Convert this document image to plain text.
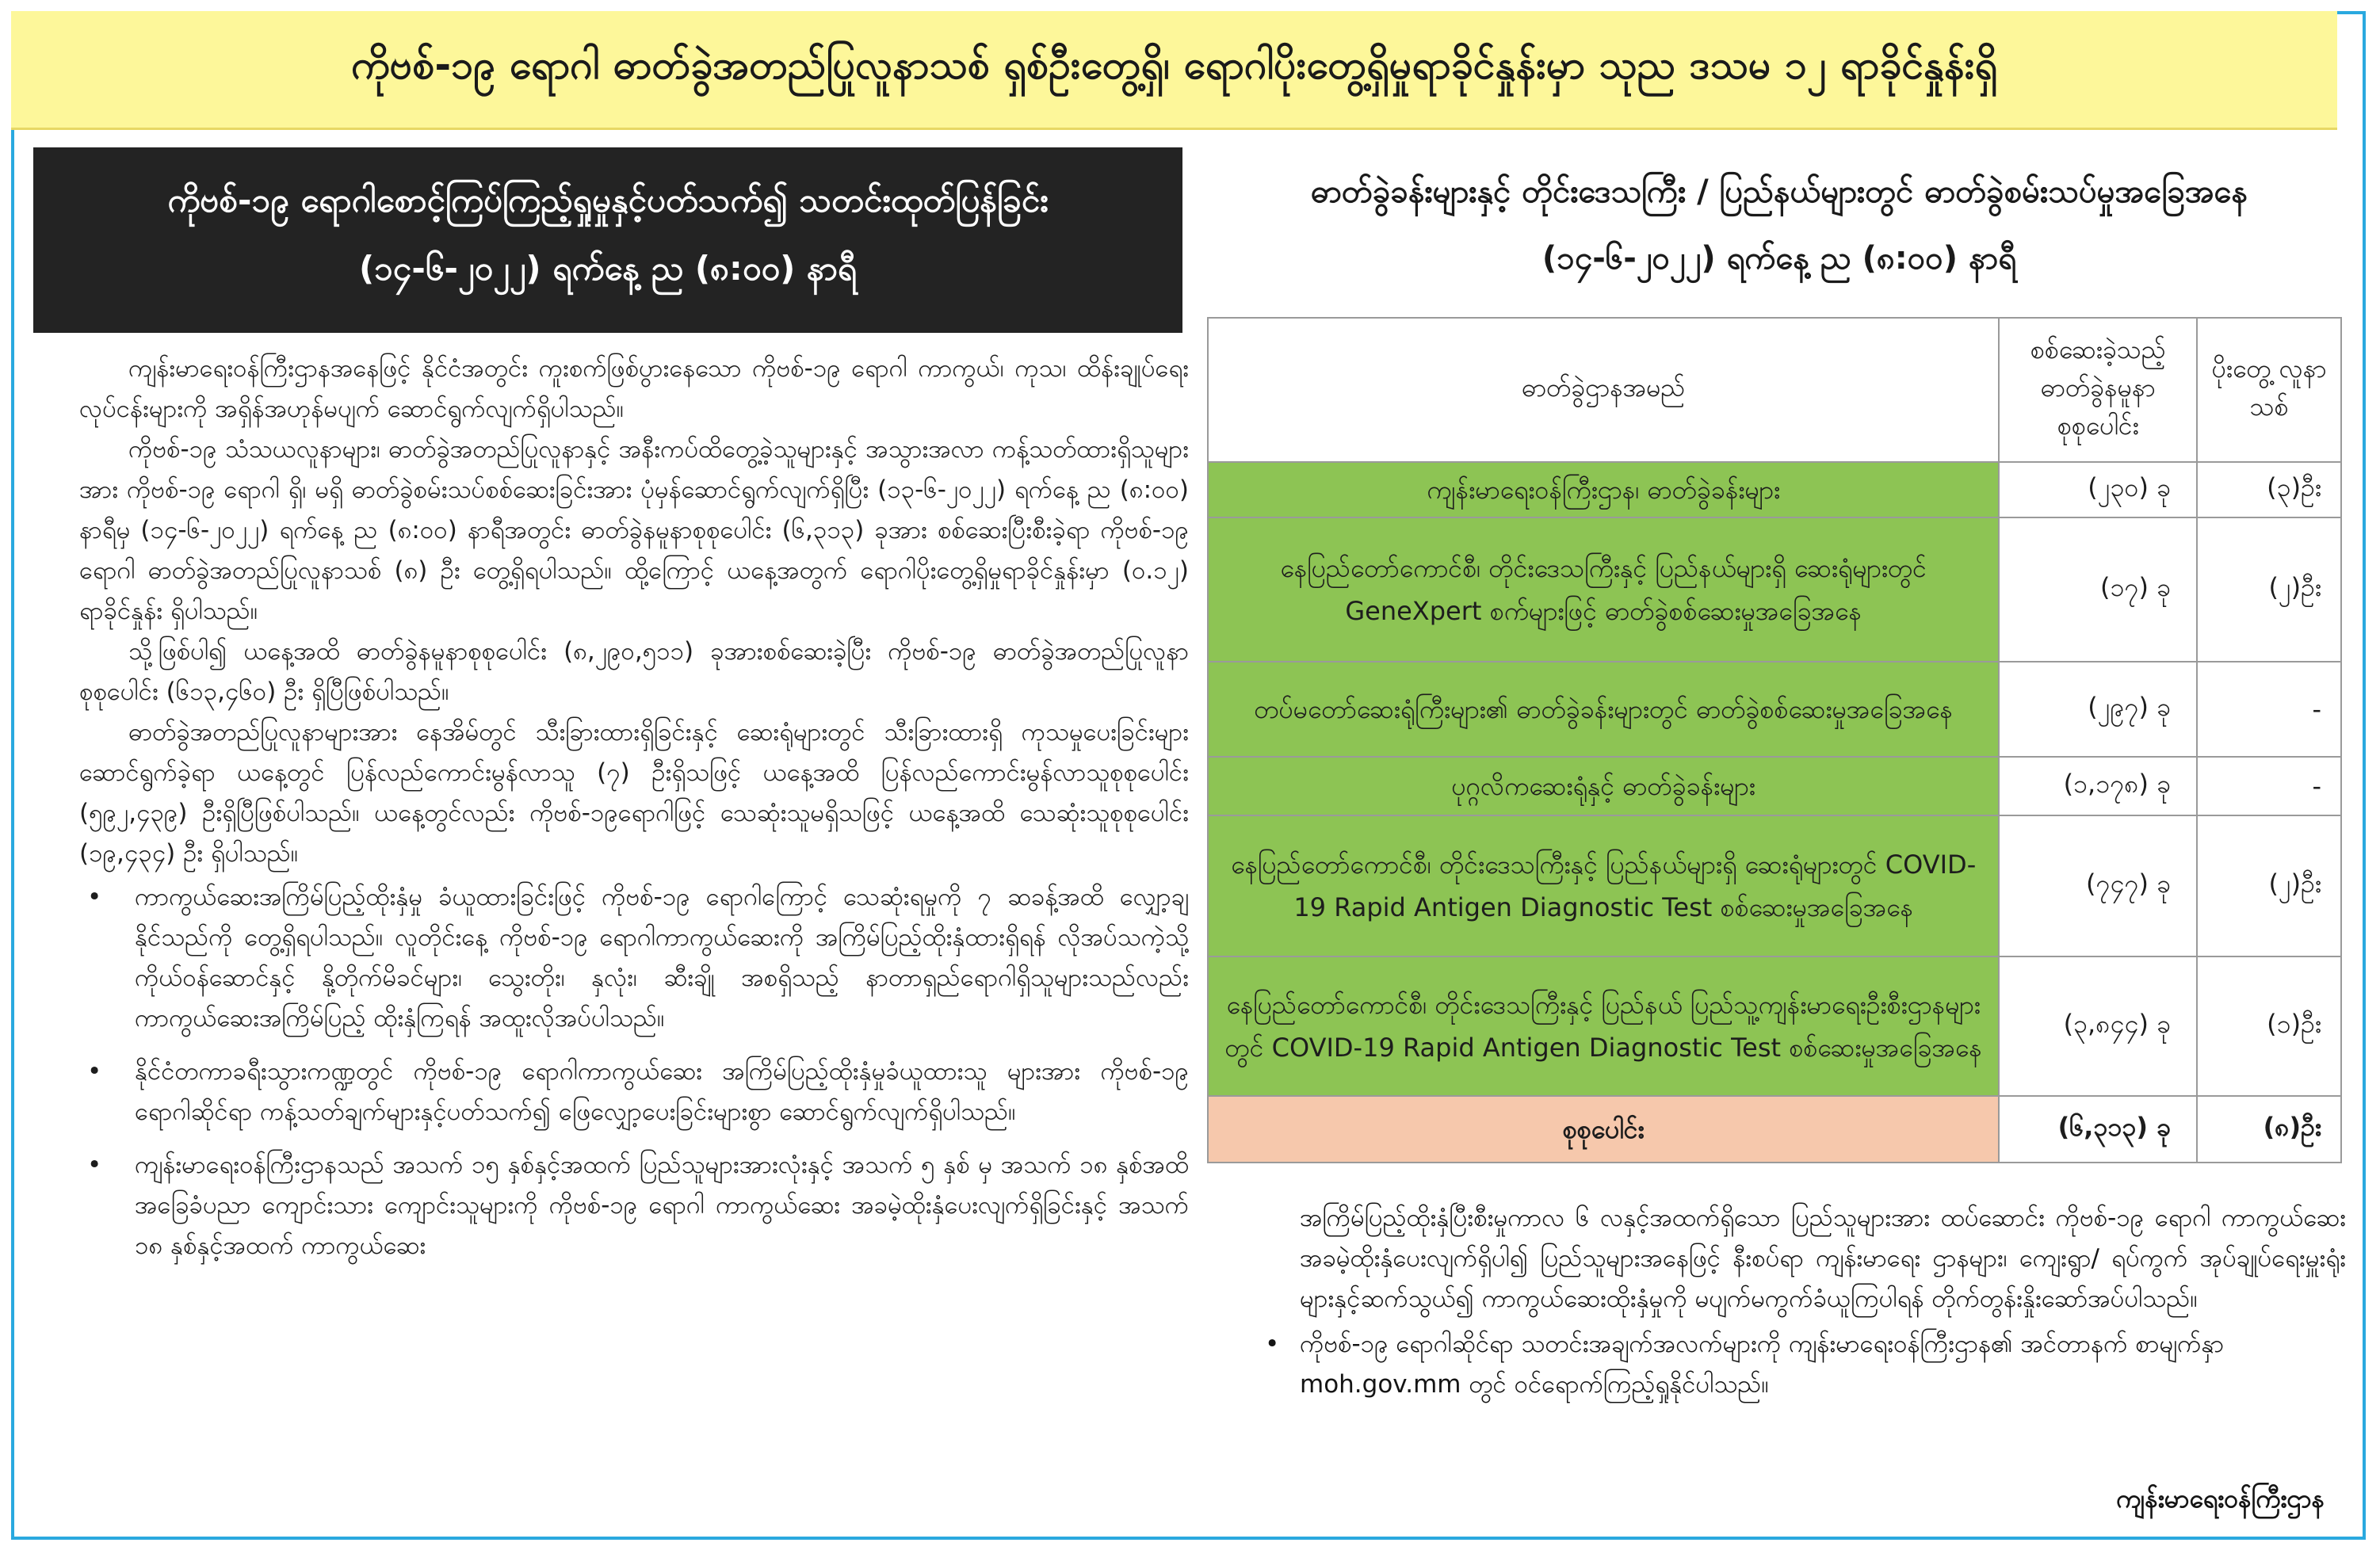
ကိုဗစ်-၁၉ ရောဂါ ဓာတ်ခွဲအတည်ပြုလူနာသစ် ရှစ်ဦးတွေ့ရှိ၊ ရောဂါပိုးတွေ့ရှိမှုရာခိုင်နှုန်းမှာ သုည ဒသမ ၁၂ ရာခိုင်နှုန်းရှိ
ကိုဗစ်-၁၉ ရောဂါစောင့်ကြပ်ကြည့်ရှုမှုနှင့်ပတ်သက်၍ သတင်းထုတ်ပြန်ခြင်း
(၁၄-၆-၂၀၂၂) ရက်နေ့ ည (၈:၀၀) နာရီ

ကျန်းမာရေးဝန်ကြီးဌာနအနေဖြင့် နိုင်ငံအတွင်း ကူးစက်ဖြစ်ပွားနေသော ကိုဗစ်-၁၉ ရောဂါ ကာကွယ်၊ ကုသ၊ ထိန်းချုပ်ရေးလုပ်ငန်းများကို အရှိန်အဟုန်မပျက် ဆောင်ရွက်လျက်ရှိပါသည်။

ကိုဗစ်-၁၉ သံသယလူနာများ၊ ဓာတ်ခွဲအတည်ပြုလူနာနှင့် အနီးကပ်ထိတွေ့ခဲ့သူများနှင့် အသွားအလာ ကန့်သတ်ထားရှိသူများအား ကိုဗစ်-၁၉ ရောဂါ ရှိ၊ မရှိ ဓာတ်ခွဲစမ်းသပ်စစ်ဆေးခြင်းအား ပုံမှန်ဆောင်ရွက်လျက်ရှိပြီး (၁၃-၆-၂၀၂၂) ရက်နေ့ ည (၈:၀၀) နာရီမှ (၁၄-၆-၂၀၂၂) ရက်နေ့ ည (၈:၀၀) နာရီအတွင်း ဓာတ်ခွဲနမူနာစုစုပေါင်း (၆,၃၁၃) ခုအား စစ်ဆေးပြီးစီးခဲ့ရာ ကိုဗစ်-၁၉ ရောဂါ ဓာတ်ခွဲအတည်ပြုလူနာသစ် (၈) ဦး တွေ့ရှိရပါသည်။ ထို့ကြောင့် ယနေ့အတွက် ရောဂါပိုးတွေ့ရှိမှုရာခိုင်နှုန်းမှာ (၀.၁၂) ရာခိုင်နှုန်း ရှိပါသည်။

သို့ဖြစ်ပါ၍ ယနေ့အထိ ဓာတ်ခွဲနမူနာစုစုပေါင်း (၈,၂၉၀,၅၁၁) ခုအားစစ်ဆေးခဲ့ပြီး ကိုဗစ်-၁၉ ဓာတ်ခွဲအတည်ပြုလူနာစုစုပေါင်း (၆၁၃,၄၆၀) ဦး ရှိပြီဖြစ်ပါသည်။

ဓာတ်ခွဲအတည်ပြုလူနာများအား နေအိမ်တွင် သီးခြားထားရှိခြင်းနှင့် ဆေးရုံများတွင် သီးခြားထားရှိ ကုသမှုပေးခြင်းများ ဆောင်ရွက်ခဲ့ရာ ယနေ့တွင် ပြန်လည်ကောင်းမွန်လာသူ (၇) ဦးရှိသဖြင့် ယနေ့အထိ ပြန်လည်ကောင်းမွန်လာသူစုစုပေါင်း (၅၉၂,၄၃၉) ဦးရှိပြီဖြစ်ပါသည်။ ယနေ့တွင်လည်း ကိုဗစ်-၁၉ရောဂါဖြင့် သေဆုံးသူမရှိသဖြင့် ယနေ့အထိ သေဆုံးသူစုစုပေါင်း (၁၉,၄၃၄) ဦး ရှိပါသည်။

• ကာကွယ်ဆေးအကြိမ်ပြည့်ထိုးနှံမှု ခံယူထားခြင်းဖြင့် ကိုဗစ်-၁၉ ရောဂါကြောင့် သေဆုံးရမှုကို ၇ ဆခန့်အထိ လျှော့ချနိုင်သည်ကို တွေ့ရှိရပါသည်။ လူတိုင်းနေ့ ကိုဗစ်-၁၉ ရောဂါကာကွယ်ဆေးကို အကြိမ်ပြည့်ထိုးနှံထားရှိရန် လိုအပ်သကဲ့သို့ ကိုယ်ဝန်ဆောင်နှင့် နို့တိုက်မိခင်များ၊ သွေးတိုး၊ နှလုံး၊ ဆီးချို အစရှိသည့် နာတာရှည်ရောဂါရှိသူများသည်လည်း ကာကွယ်ဆေးအကြိမ်ပြည့် ထိုးနှံကြရန် အထူးလိုအပ်ပါသည်။
• နိုင်ငံတကာခရီးသွားကဏ္ဍတွင် ကိုဗစ်-၁၉ ရောဂါကာကွယ်ဆေး အကြိမ်ပြည့်ထိုးနှံမှုခံယူထားသူ များအား ကိုဗစ်-၁၉ ရောဂါဆိုင်ရာ ကန့်သတ်ချက်များနှင့်ပတ်သက်၍ ဖြေလျှော့ပေးခြင်းများစွာ ဆောင်ရွက်လျက်ရှိပါသည်။
• ကျန်းမာရေးဝန်ကြီးဌာနသည် အသက် ၁၅ နှစ်နှင့်အထက် ပြည်သူများအားလုံးနှင့် အသက် ၅ နှစ် မှ အသက် ၁၈ နှစ်အထိ အခြေခံပညာ ကျောင်းသား ကျောင်းသူများကို ကိုဗစ်-၁၉ ရောဂါ ကာကွယ်ဆေး အခမဲ့ထိုးနှံပေးလျက်ရှိခြင်းနှင့် အသက် ၁၈ နှစ်နှင့်အထက် ကာကွယ်ဆေး
ဓာတ်ခွဲခန်းများနှင့် တိုင်းဒေသကြီး / ပြည်နယ်များတွင် ဓာတ်ခွဲစမ်းသပ်မှုအခြေအနေ
(၁၄-၆-၂၀၂၂) ရက်နေ့ ည (၈:၀၀) နာရီ
ဓာတ်ခွဲဌာနအမည်	စစ်ဆေးခဲ့သည့် ဓာတ်ခွဲနမူနာ စုစုပေါင်း	ပိုးတွေ့ လူနာသစ်
ကျန်းမာရေးဝန်ကြီးဌာန၊ ဓာတ်ခွဲခန်းများ	(၂၃၀) ခု	(၃)ဦး
နေပြည်တော်ကောင်စီ၊ တိုင်းဒေသကြီးနှင့် ပြည်နယ်များရှိ ဆေးရုံများတွင် GeneXpert စက်များဖြင့် ဓာတ်ခွဲစစ်ဆေးမှုအခြေအနေ	(၁၇) ခု	(၂)ဦး
တပ်မတော်ဆေးရုံကြီးများ၏ ဓာတ်ခွဲခန်းများတွင် ဓာတ်ခွဲစစ်ဆေးမှုအခြေအနေ	(၂၉၇) ခု	-
ပုဂ္ဂလိကဆေးရုံနှင့် ဓာတ်ခွဲခန်းများ	(၁,၁၇၈) ခု	-
နေပြည်တော်ကောင်စီ၊ တိုင်းဒေသကြီးနှင့် ပြည်နယ်များရှိ ဆေးရုံများတွင် COVID-19 Rapid Antigen Diagnostic Test စစ်ဆေးမှုအခြေအနေ	(၇၄၇) ခု	(၂)ဦး
နေပြည်တော်ကောင်စီ၊ တိုင်းဒေသကြီးနှင့် ပြည်နယ် ပြည်သူ့ကျန်းမာရေးဦးစီးဌာနများတွင် COVID-19 Rapid Antigen Diagnostic Test စစ်ဆေးမှုအခြေအနေ	(၃,၈၄၄) ခု	(၁)ဦး
စုစုပေါင်း	(၆,၃၁၃) ခု	(၈)ဦး

အကြိမ်ပြည့်ထိုးနှံပြီးစီးမှုကာလ ၆ လနှင့်အထက်ရှိသော ပြည်သူများအား ထပ်ဆောင်း ကိုဗစ်-၁၉ ရောဂါ ကာကွယ်ဆေး အခမဲ့ထိုးနှံပေးလျက်ရှိပါ၍ ပြည်သူများအနေဖြင့် နီးစပ်ရာ ကျန်းမာရေး ဌာနများ၊ ကျေးရွာ/ ရပ်ကွက် အုပ်ချုပ်ရေးမှူးရုံးများနှင့်ဆက်သွယ်၍ ကာကွယ်ဆေးထိုးနှံမှုကို မပျက်မကွက်ခံယူကြပါရန် တိုက်တွန်းနှိုးဆော်အပ်ပါသည်။

• ကိုဗစ်-၁၉ ရောဂါဆိုင်ရာ သတင်းအချက်အလက်များကို ကျန်းမာရေးဝန်ကြီးဌာန၏ အင်တာနက် စာမျက်နှာ moh.gov.mm တွင် ဝင်ရောက်ကြည့်ရှုနိုင်ပါသည်။
ကျန်းမာရေးဝန်ကြီးဌာန
